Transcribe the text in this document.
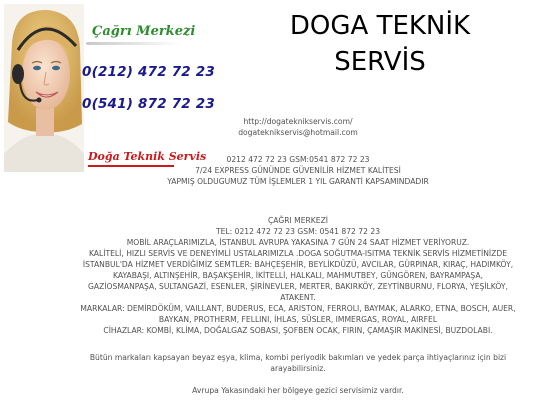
Çağrı Merkezi
0(212) 472 72 23
0(541) 872 72 23
Doğa Teknik Servis
DOGA TEKNİK
SERVİS

http://dogateknikservis.com/

dogateknikservis@hotmail.com

0212 472 72 23 GSM:0541 872 72 23

7/24 EXPRESS GÜNÜNDE GÜVENİLİR HİZMET KALİTESİ

YAPMIŞ OLDUGUMUZ TÜM İŞLEMLER 1 YIL GARANTİ KAPSAMINDADIR

ÇAĞRI MERKEZİ

TEL: 0212 472 72 23 GSM: 0541 872 72 23

MOBİL ARAÇLARIMIZLA, İSTANBUL AVRUPA YAKASINA 7 GÜN 24 SAAT HİZMET VERİYORUZ.

KALİTELİ, HIZLI SERVİS VE DENEYİMLİ USTALARIMIZLA .DOGA SOĞUTMA-ISITMA TEKNİK SERVİS HİZMETİNİZDE

İSTANBUL'DA HİZMET VERDİĞİMİZ SEMTLER: BAHÇEŞEHİR, BEYLİKDÜZÜ, AVCILAR, GÜRPINAR, KIRAÇ, HADIMKÖY, KAYABAŞI, ALTINŞEHİR, BAŞAKŞEHİR, İKİTELLİ, HALKALI, MAHMUTBEY, GÜNGÖREN, BAYRAMPAŞA, GAZİOSMANPAŞA, SULTANGAZİ, ESENLER, ŞİRİNEVLER, MERTER, BAKIRKÖY, ZEYTİNBURNU, FLORYA, YEŞİLKÖY, ATAKENT.

MARKALAR: DEMİRDÖKÜM, VAILLANT, BUDERUS, ECA, ARISTON, FERROLI, BAYMAK, ALARKO, ETNA, BOSCH, AUER, BAYKAN, PROTHERM, FELLINI, İHLAS, SÜSLER, IMMERGAS, ROYAL, AIRFEL

CİHAZLAR: KOMBİ, KLİMA, DOĞALGAZ SOBASI, ŞOFBEN OCAK, FIRIN, ÇAMAŞIR MAKİNESİ, BUZDOLABI.

Bütün markaları kapsayan beyaz eşya, klima, kombi periyodik bakımları ve yedek parça ihtiyaçlarınız için bizi arayabilirsiniz.

Avrupa Yakasındaki her bölgeye gezici servisimiz vardır.
